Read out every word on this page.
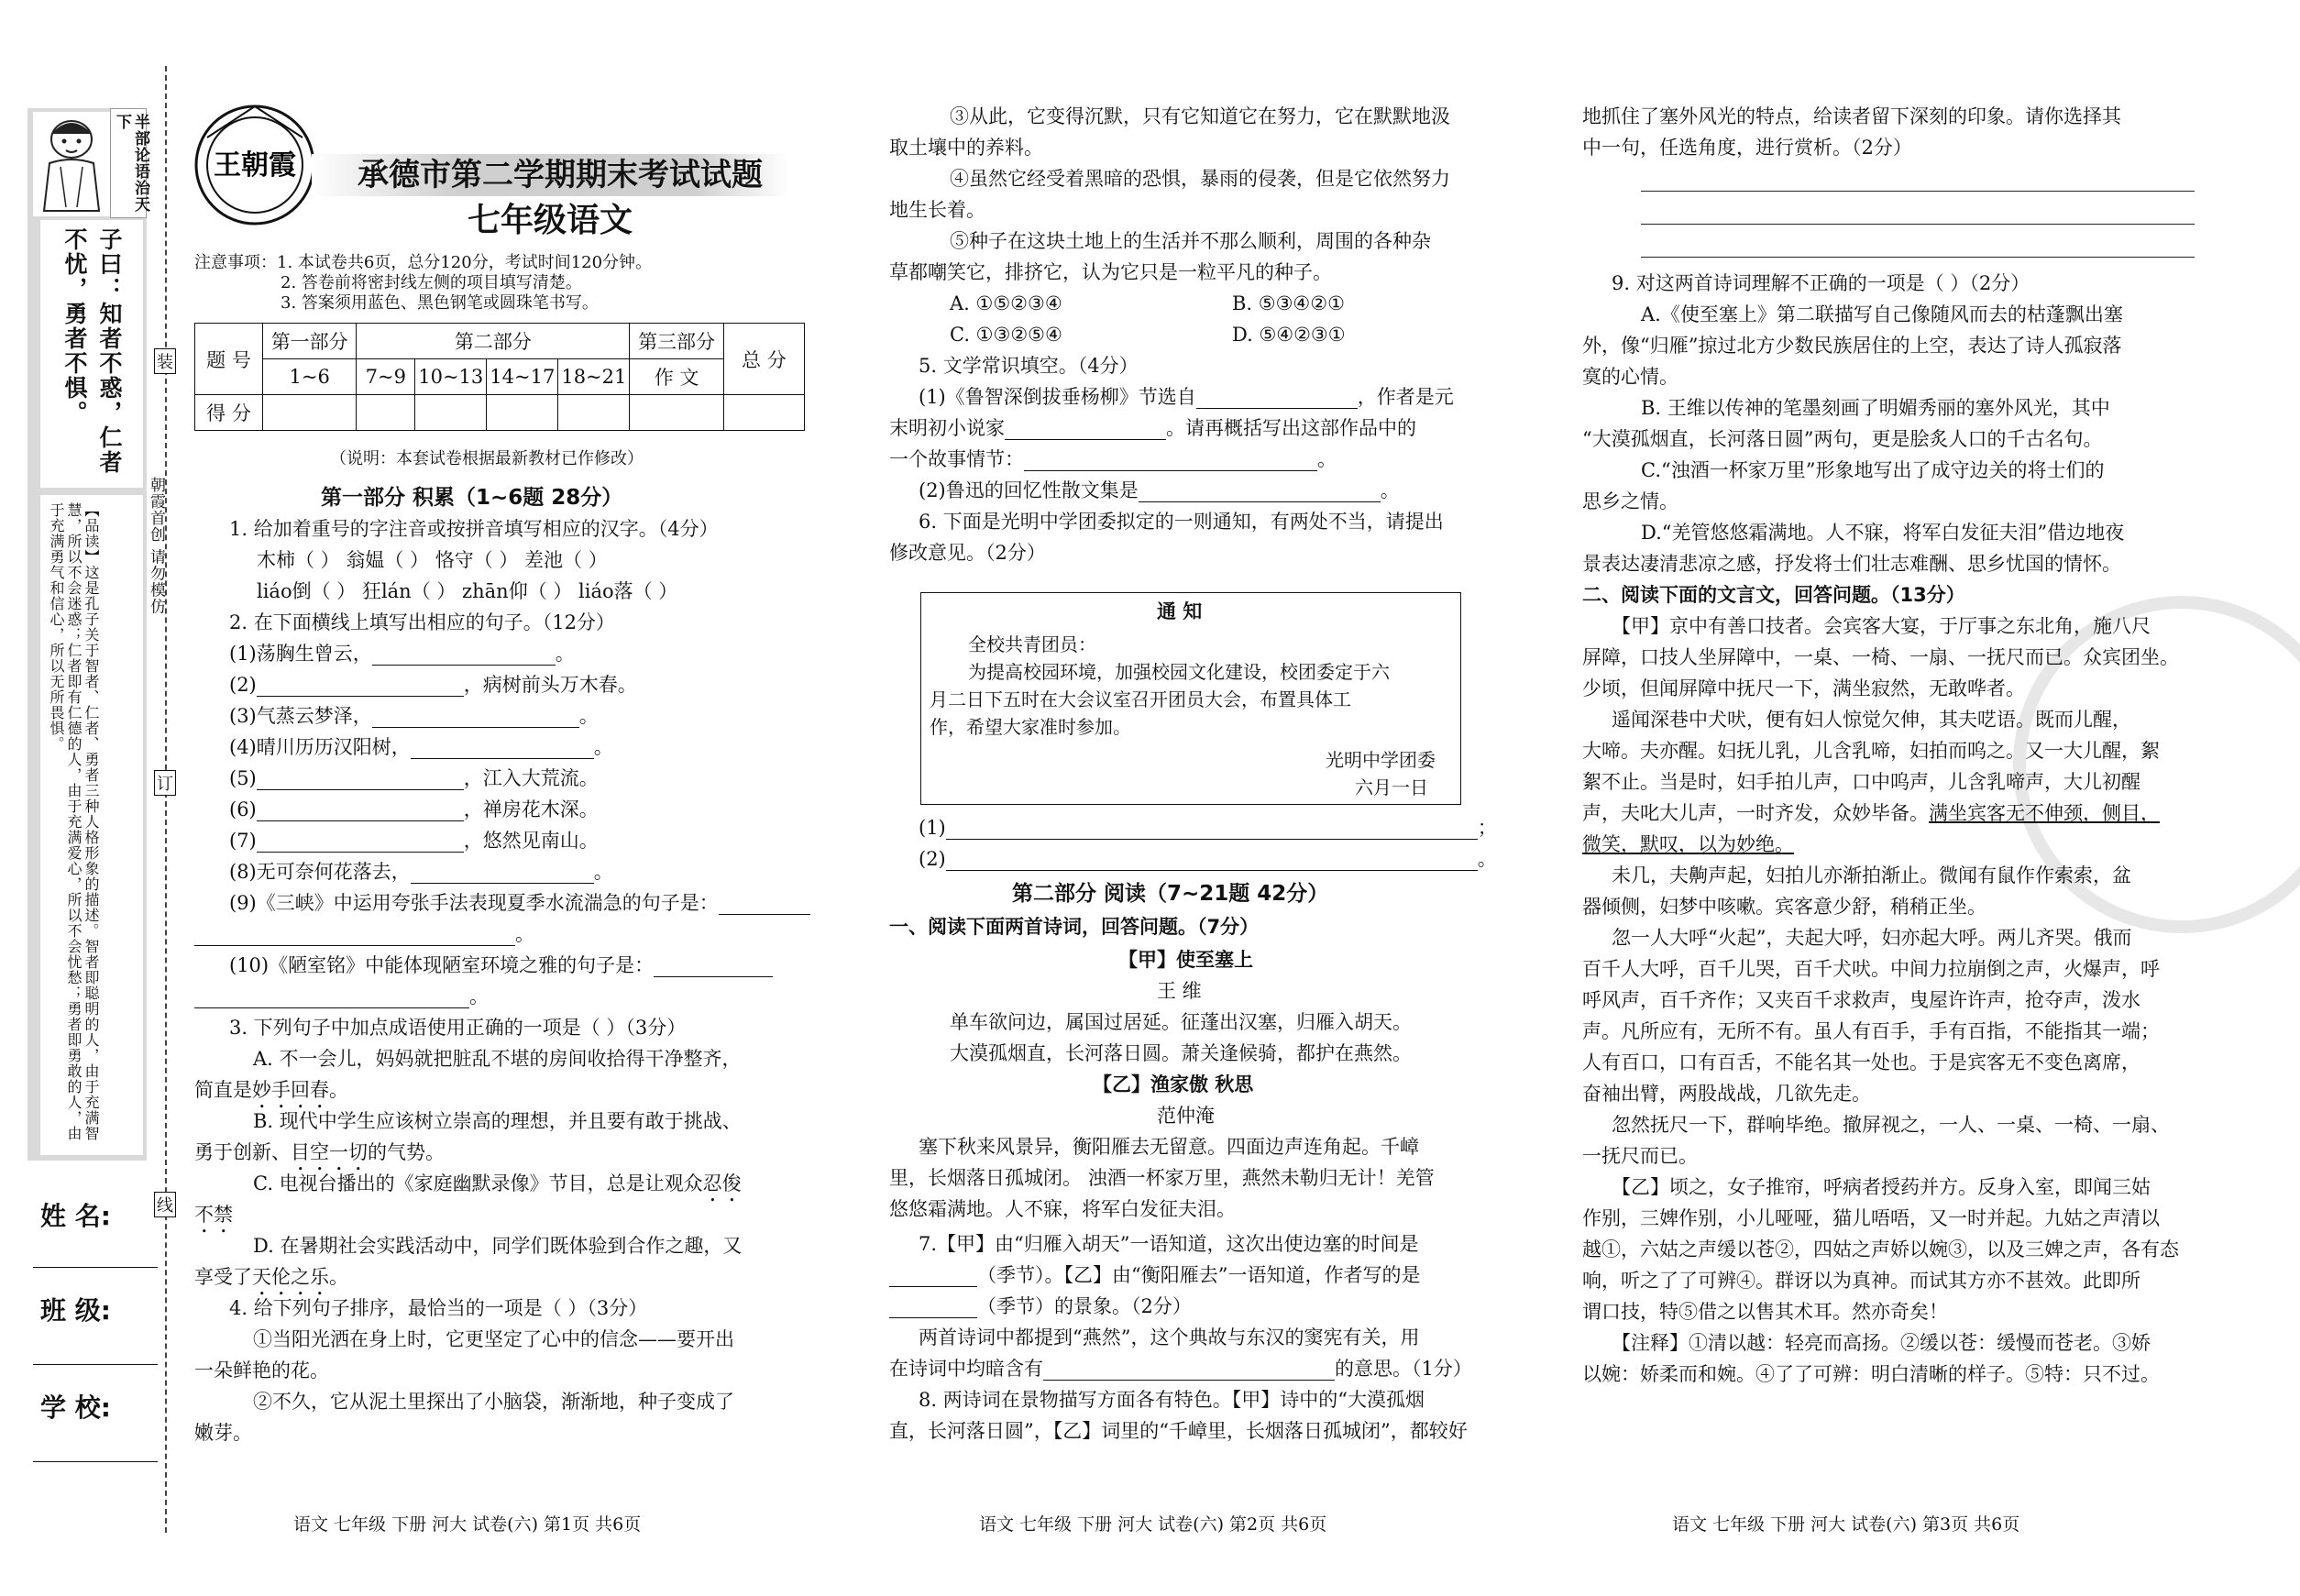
半部论语治天下
子曰：知者不惑，仁者不忧，勇者不惧。
【品读】这是孔子关于智者、仁者、勇者三种人格形象的描述。智者即聪明的人，由于充满智慧，所以不会迷惑；仁者即有仁德的人，由于充满爱心，所以不会忧愁；勇者即勇敢的人，由于充满勇气和信心，所以无所畏惧。
装
订
线
朝霞首创 请勿模仿
姓 名:
班 级:
学 校:
王朝霞 承德市第二学期期末考试试题
七年级语文
注意事项：1. 本试卷共6页，总分120分，考试时间120分钟。
2. 答卷前将密封线左侧的项目填写清楚。
3. 答案须用蓝色、黑色钢笔或圆珠笔书写。
题 号	第一部分	第二部分				第三部分	总 分
	1~6	7~9	10~13	14~17	18~21	作 文	
得 分							
（说明：本套试卷根据最新教材已作修改）
第一部分 积累（1~6题 28分）
1. 给加着重号的字注音或按拼音填写相应的汉字。（4分）
木柿（ ） 翁媪（ ） 恪守（ ） 差池（ ）
liáo倒（ ） 狂lán（ ） zhān仰（ ） liáo落（ ）
2. 在下面横线上填写出相应的句子。（12分）
(1)荡胸生曾云，	。
(2)	，病树前头万木春。
(3)气蒸云梦泽，	。
(4)晴川历历汉阳树，	。
(5)	，江入大荒流。
(6)	，禅房花木深。
(7)	，悠然见南山。
(8)无可奈何花落去，	。
(9)《三峡》中运用夸张手法表现夏季水流湍急的句子是：
。
(10)《陋室铭》中能体现陋室环境之雅的句子是：
。
3. 下列句子中加点成语使用正确的一项是（ ）（3分）
A. 不一会儿，妈妈就把脏乱不堪的房间收拾得干净整齐，
简直是妙手回春。
B. 现代中学生应该树立崇高的理想，并且要有敢于挑战、
勇于创新、目空一切的气势。
C. 电视台播出的《家庭幽默录像》节目，总是让观众忍俊
不禁
D. 在暑期社会实践活动中，同学们既体验到合作之趣，又
享受了天伦之乐。
4. 给下列句子排序，最恰当的一项是（ ）（3分）
①当阳光洒在身上时，它更坚定了心中的信念——要开出
一朵鲜艳的花。
②不久，它从泥土里探出了小脑袋，渐渐地，种子变成了
嫩芽。
语文 七年级 下册 河大 试卷(六) 第1页 共6页
③从此，它变得沉默，只有它知道它在努力，它在默默地汲
取土壤中的养料。
④虽然它经受着黑暗的恐惧，暴雨的侵袭，但是它依然努力
地生长着。
⑤种子在这块土地上的生活并不那么顺利，周围的各种杂
草都嘲笑它，排挤它，认为它只是一粒平凡的种子。
A. ①⑤②③④	B. ⑤③④②①
C. ①③②⑤④	D. ⑤④②③①
5. 文学常识填空。（4分）
(1)《鲁智深倒拔垂杨柳》节选自	，作者是元
末明初小说家	。请再概括写出这部作品中的
一个故事情节：	。
(2)鲁迅的回忆性散文集是	。
6. 下面是光明中学团委拟定的一则通知，有两处不当，请提出
修改意见。（2分）
通 知
全校共青团员：
为提高校园环境，加强校园文化建设，校团委定于六
月二日下五时在大会议室召开团员大会，布置具体工
作，希望大家准时参加。
光明中学团委
六月一日
(1)	；
(2)	。
第二部分 阅读（7~21题 42分）
一、阅读下面两首诗词，回答问题。（7分）
【甲】使至塞上
王 维
单车欲问边，属国过居延。征蓬出汉塞，归雁入胡天。
大漠孤烟直，长河落日圆。萧关逢候骑，都护在燕然。
【乙】渔家傲 秋思
范仲淹
塞下秋来风景异，衡阳雁去无留意。四面边声连角起。千嶂
里，长烟落日孤城闭。 浊酒一杯家万里，燕然未勒归无计！羌管
悠悠霜满地。人不寐，将军白发征夫泪。
7.【甲】由“归雁入胡天”一语知道，这次出使边塞的时间是
（季节）。【乙】由“衡阳雁去”一语知道，作者写的是
（季节）的景象。（2分）
两首诗词中都提到“燕然”，这个典故与东汉的窦宪有关，用
在诗词中均暗含有	的意思。（1分）
8. 两诗词在景物描写方面各有特色。【甲】诗中的“大漠孤烟
直，长河落日圆”，【乙】词里的“千嶂里，长烟落日孤城闭”，都较好
语文 七年级 下册 河大 试卷(六) 第2页 共6页
地抓住了塞外风光的特点，给读者留下深刻的印象。请你选择其
中一句，任选角度，进行赏析。（2分）
9. 对这两首诗词理解不正确的一项是（ ）（2分）
A.《使至塞上》第二联描写自己像随风而去的枯蓬飘出塞
外，像“归雁”掠过北方少数民族居住的上空，表达了诗人孤寂落
寞的心情。
B. 王维以传神的笔墨刻画了明媚秀丽的塞外风光，其中
“大漠孤烟直，长河落日圆”两句，更是脍炙人口的千古名句。
C.“浊酒一杯家万里”形象地写出了成守边关的将士们的
思乡之情。
D.“羌管悠悠霜满地。人不寐，将军白发征夫泪”借边地夜
景表达凄清悲凉之感，抒发将士们壮志难酬、思乡忧国的情怀。
二、阅读下面的文言文，回答问题。（13分）
【甲】京中有善口技者。会宾客大宴，于厅事之东北角，施八尺
屏障，口技人坐屏障中，一桌、一椅、一扇、一抚尺而已。众宾团坐。
少顷，但闻屏障中抚尺一下，满坐寂然，无敢哗者。
遥闻深巷中犬吠，便有妇人惊觉欠伸，其夫呓语。既而儿醒，
大啼。夫亦醒。妇抚儿乳，儿含乳啼，妇拍而呜之。又一大儿醒，絮
絮不止。当是时，妇手拍儿声，口中呜声，儿含乳啼声，大儿初醒
声，夫叱大儿声，一时齐发，众妙毕备。满坐宾客无不伸颈，侧目，
微笑，默叹，以为妙绝。
未几，夫齁声起，妇拍儿亦渐拍渐止。微闻有鼠作作索索，盆
器倾侧，妇梦中咳嗽。宾客意少舒，稍稍正坐。
忽一人大呼“火起”，夫起大呼，妇亦起大呼。两儿齐哭。俄而
百千人大呼，百千儿哭，百千犬吠。中间力拉崩倒之声，火爆声，呼
呼风声，百千齐作；又夹百千求救声，曳屋许许声，抢夺声，泼水
声。凡所应有，无所不有。虽人有百手，手有百指，不能指其一端；
人有百口，口有百舌，不能名其一处也。于是宾客无不变色离席，
奋袖出臂，两股战战，几欲先走。
忽然抚尺一下，群响毕绝。撤屏视之，一人、一桌、一椅、一扇、
一抚尺而已。
【乙】顷之，女子推帘，呼病者授药并方。反身入室，即闻三姑
作别，三婢作别，小儿哑哑，猫儿唔唔，又一时并起。九姑之声清以
越①，六姑之声缓以苍②，四姑之声娇以婉③，以及三婢之声，各有态
响，听之了了可辨④。群讶以为真神。而试其方亦不甚效。此即所
谓口技，特⑤借之以售其术耳。然亦奇矣！
【注释】①清以越：轻亮而高扬。②缓以苍：缓慢而苍老。③娇
以婉：娇柔而和婉。④了了可辨：明白清晰的样子。⑤特：只不过。
语文 七年级 下册 河大 试卷(六) 第3页 共6页
